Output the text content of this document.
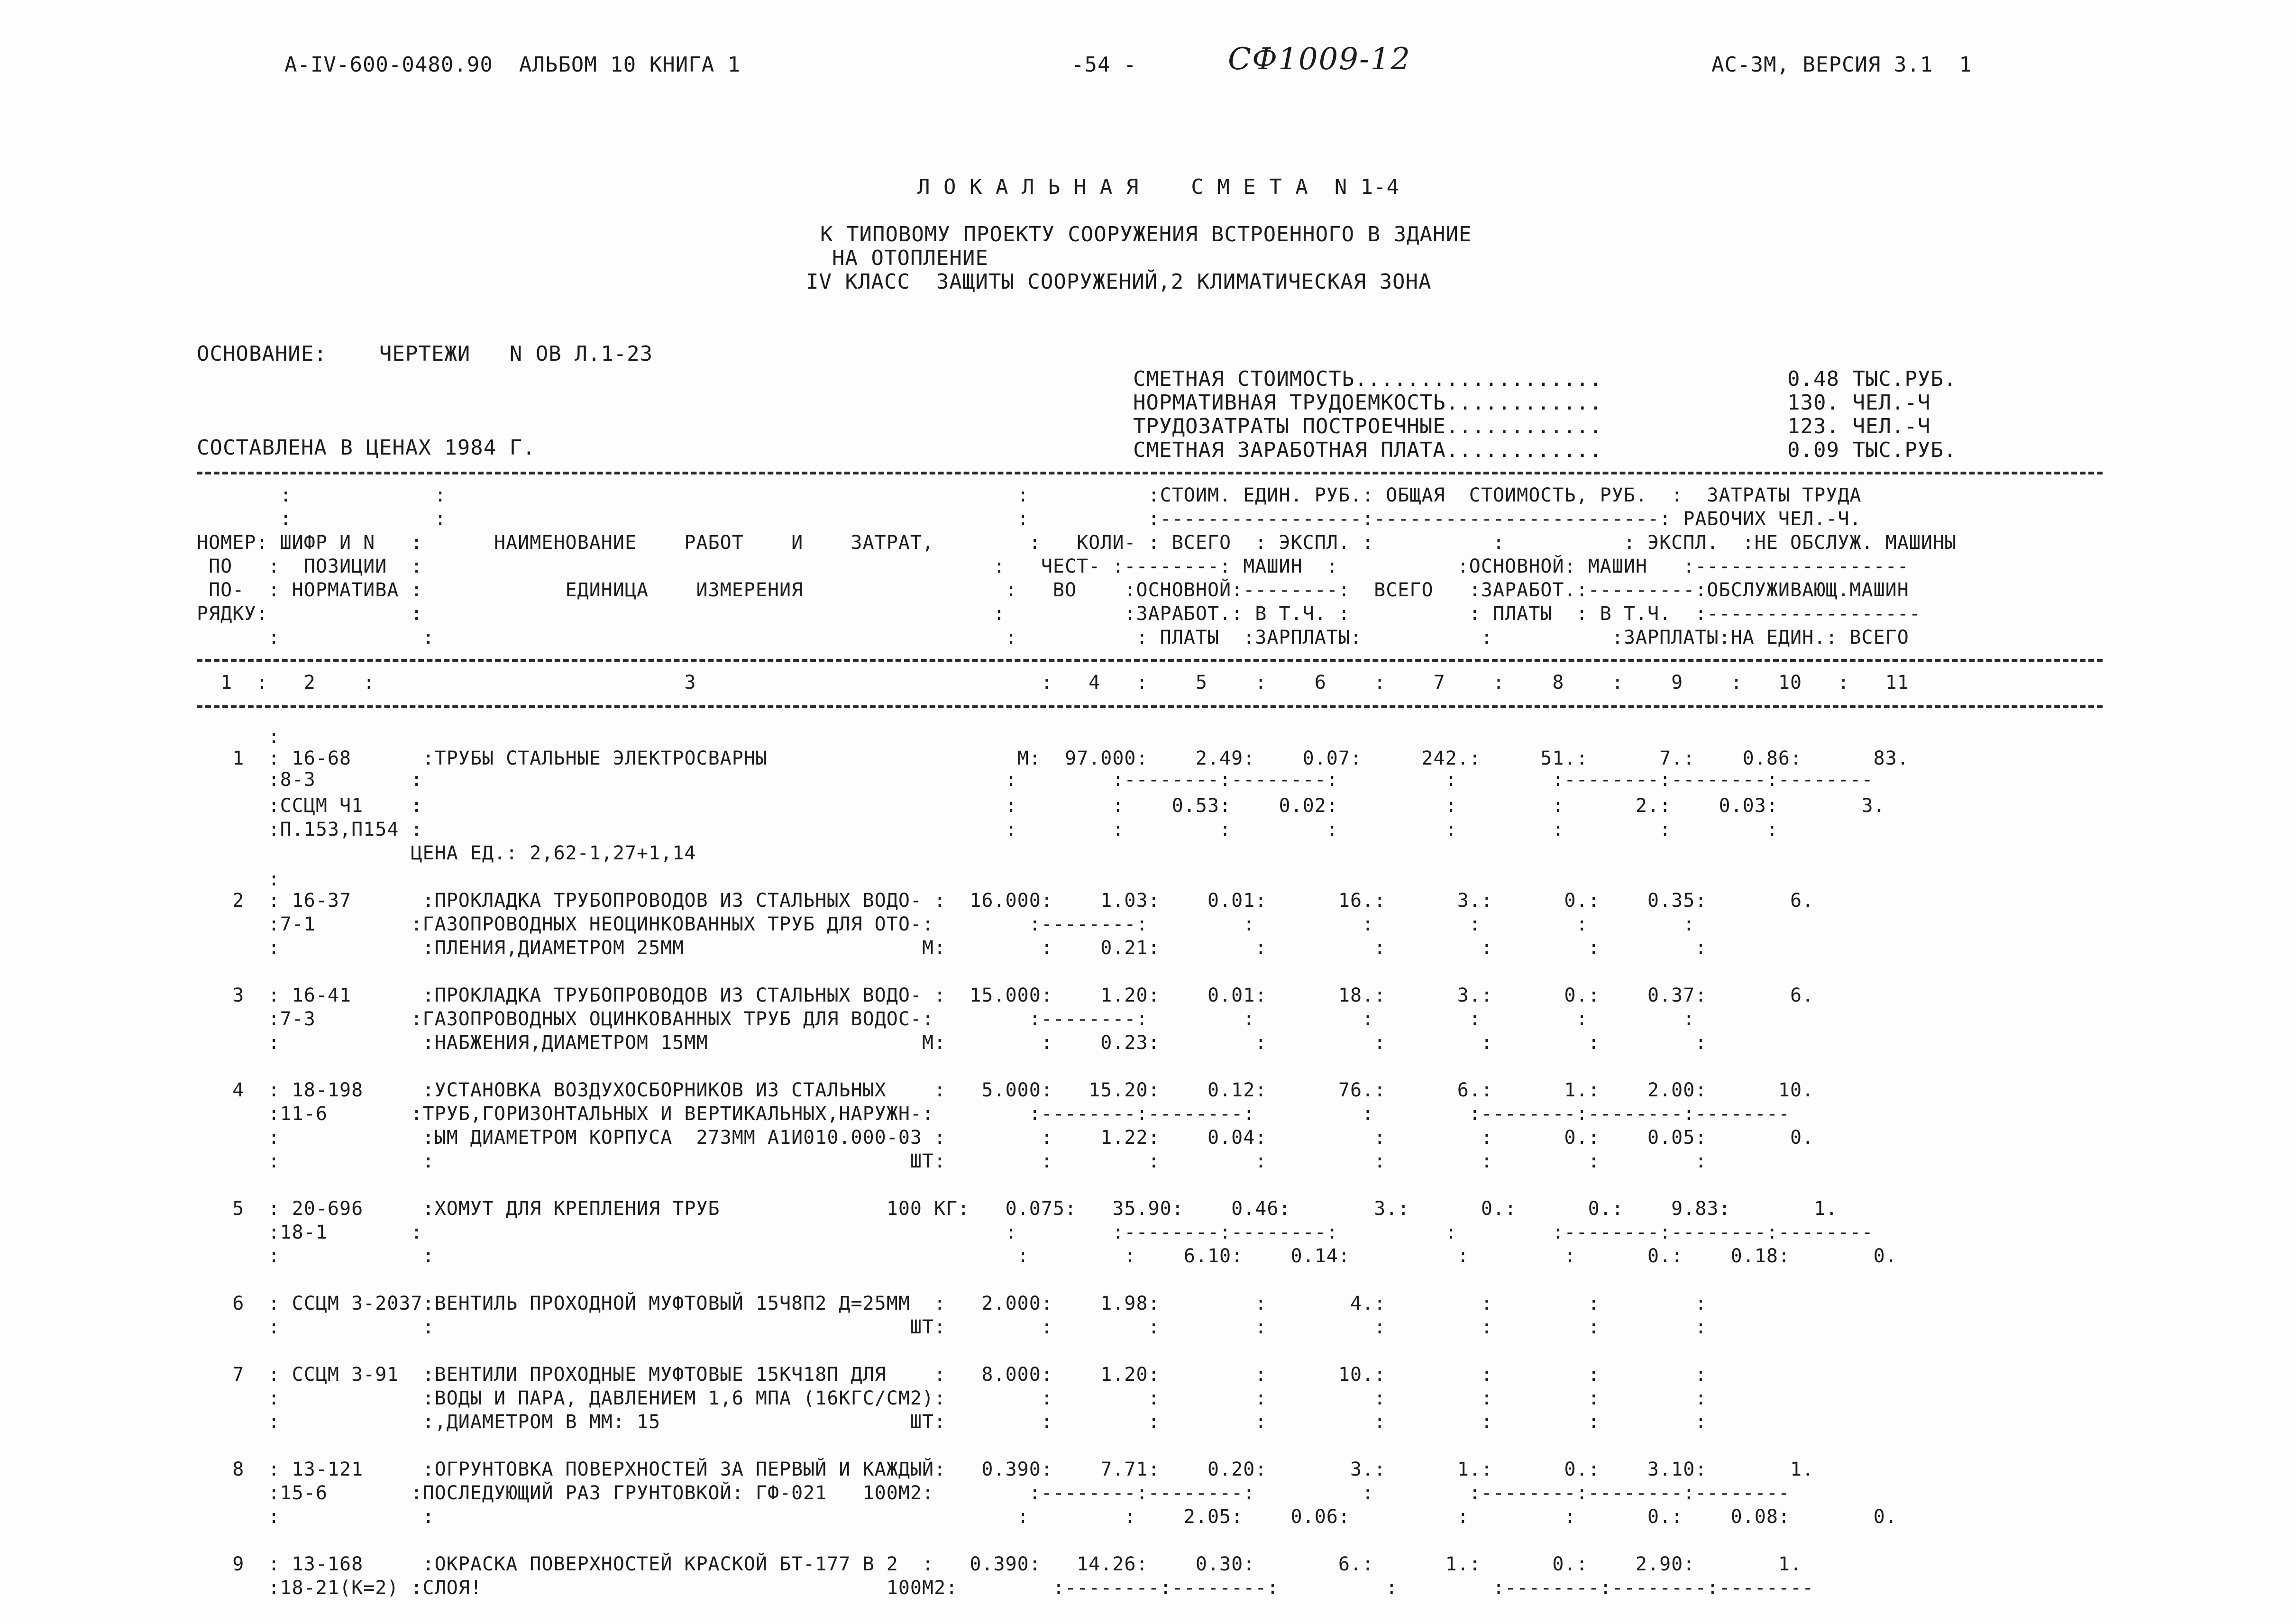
А-IV-600-0480.90  АЛЬБОМ 10 КНИГА 1	-54 -	СФ1009-12	АС-3М, ВЕРСИЯ 3.1  1
Л О К А Л Ь Н А Я    С М Е Т А  N 1-4
К ТИПОВОМУ ПРОЕКТУ СООРУЖЕНИЯ ВСТРОЕННОГО В ЗДАНИЕ
НА ОТОПЛЕНИЕ
IV КЛАСС  ЗАЩИТЫ СООРУЖЕНИЙ,2 КЛИМАТИЧЕСКАЯ ЗОНА
ОСНОВАНИЕ:    ЧЕРТЕЖИ   N ОВ Л.1-23
СОСТАВЛЕНА В ЦЕНАХ 1984 Г.
СМЕТНАЯ СТОИМОСТЬ...................	0.48 ТЫС.РУБ.
НОРМАТИВНАЯ ТРУДОЕМКОСТЬ............	130. ЧЕЛ.-Ч
ТРУДОЗАТРАТЫ ПОСТРОЕЧНЫЕ............	123. ЧЕЛ.-Ч
СМЕТНАЯ ЗАРАБОТНАЯ ПЛАТА............	0.09 ТЫС.РУБ.
:            :                                                :          :СТОИМ. ЕДИН. РУБ.: ОБЩАЯ  СТОИМОСТЬ, РУБ.  :  ЗАТРАТЫ ТРУДА
:            :                                                :          :-----------------:------------------------: РАБОЧИХ ЧЕЛ.-Ч.
НОМЕР: ШИФР И N   :      НАИМЕНОВАНИЕ    РАБОТ    И    ЗАТРАТ,        :   КОЛИ- : ВСЕГО  : ЭКСПЛ. :          :          : ЭКСПЛ.  :НЕ ОБСЛУЖ. МАШИНЫ
ПО   :  ПОЗИЦИИ  :                                                :   ЧЕСТ- :--------: МАШИН  :          :ОСНОВНОЙ: МАШИН   :------------------
ПО-  : НОРМАТИВА :            ЕДИНИЦА    ИЗМЕРЕНИЯ                 :   ВО    :ОСНОВНОЙ:--------:  ВСЕГО   :ЗАРАБОТ.:---------:ОБСЛУЖИВАЮЩ.МАШИН
РЯДКУ:            :                                                :          :ЗАРАБОТ.: В Т.Ч. :          : ПЛАТЫ  : В Т.Ч.  :------------------
:            :                                                :          : ПЛАТЫ  :ЗАРПЛАТЫ:          :          :ЗАРПЛАТЫ:НА ЕДИН.: ВСЕГО
1  :   2    :                          3                             :   4   :    5    :    6    :    7    :    8    :    9    :   10   :   11
:
1  : 16-68      :ТРУБЫ СТАЛЬНЫЕ ЭЛЕКТРОСВАРНЫ                     М:  97.000:    2.49:    0.07:     242.:     51.:      7.:    0.86:      83.
:8-3        :                                                 :        :--------:--------:         :        :--------:--------:--------
:ССЦМ Ч1    :                                                 :        :    0.53:    0.02:         :        :      2.:    0.03:       3.
:П.153,П154 :                                                 :        :        :        :         :        :        :        :
ЦЕНА ЕД.: 2,62-1,27+1,14
:
2  : 16-37      :ПРОКЛАДКА ТРУБОПРОВОДОВ ИЗ СТАЛЬНЫХ ВОДО- :  16.000:    1.03:    0.01:      16.:      3.:      0.:    0.35:       6.
:7-1        :ГАЗОПРОВОДНЫХ НЕОЦИНКОВАННЫХ ТРУБ ДЛЯ ОТО-:        :--------:        :         :        :        :        :
:            :ПЛЕНИЯ,ДИАМЕТРОМ 25ММ                    М:        :    0.21:        :         :        :        :        :
3  : 16-41      :ПРОКЛАДКА ТРУБОПРОВОДОВ ИЗ СТАЛЬНЫХ ВОДО- :  15.000:    1.20:    0.01:      18.:      3.:      0.:    0.37:       6.
:7-3        :ГАЗОПРОВОДНЫХ ОЦИНКОВАННЫХ ТРУБ ДЛЯ ВОДОС-:        :--------:        :         :        :        :        :
:            :НАБЖЕНИЯ,ДИАМЕТРОМ 15ММ                  М:        :    0.23:        :         :        :        :        :
4  : 18-198     :УСТАНОВКА ВОЗДУХОСБОРНИКОВ ИЗ СТАЛЬНЫХ    :   5.000:   15.20:    0.12:      76.:      6.:      1.:    2.00:      10.
:11-6       :ТРУБ,ГОРИЗОНТАЛЬНЫХ И ВЕРТИКАЛЬНЫХ,НАРУЖН-:        :--------:--------:         :        :--------:--------:--------
:            :ЫМ ДИАМЕТРОМ КОРПУСА  273ММ А1И010.000-03 :        :    1.22:    0.04:         :        :      0.:    0.05:       0.
:            :                                        ШТ:        :        :        :         :        :        :        :
5  : 20-696     :ХОМУТ ДЛЯ КРЕПЛЕНИЯ ТРУБ              100 КГ:   0.075:   35.90:    0.46:       3.:      0.:      0.:    9.83:       1.
:18-1       :                                                 :        :--------:--------:         :        :--------:--------:--------
:            :                                                 :        :    6.10:    0.14:         :        :      0.:    0.18:       0.
6  : ССЦМ 3-2037:ВЕНТИЛЬ ПРОХОДНОЙ МУФТОВЫЙ 15Ч8П2 Д=25ММ  :   2.000:    1.98:        :       4.:        :        :        :
:            :                                        ШТ:        :        :        :         :        :        :        :
7  : ССЦМ 3-91  :ВЕНТИЛИ ПРОХОДНЫЕ МУФТОВЫЕ 15КЧ18П ДЛЯ    :   8.000:    1.20:        :      10.:        :        :        :
:            :ВОДЫ И ПАРА, ДАВЛЕНИЕМ 1,6 МПА (16КГС/СМ2):        :        :        :         :        :        :        :
:            :,ДИАМЕТРОМ В ММ: 15                     ШТ:        :        :        :         :        :        :        :
8  : 13-121     :ОГРУНТОВКА ПОВЕРХНОСТЕЙ ЗА ПЕРВЫЙ И КАЖДЫЙ:   0.390:    7.71:    0.20:       3.:      1.:      0.:    3.10:       1.
:15-6       :ПОСЛЕДУЮЩИЙ РАЗ ГРУНТОВКОЙ: ГФ-021   100М2:        :--------:--------:         :        :--------:--------:--------
:            :                                                 :        :    2.05:    0.06:         :        :      0.:    0.08:       0.
9  : 13-168     :ОКРАСКА ПОВЕРХНОСТЕЙ КРАСКОЙ БТ-177 В 2  :   0.390:   14.26:    0.30:       6.:      1.:      0.:    2.90:       1.
:18-21(К=2) :СЛОЯ!                                  100М2:        :--------:--------:         :        :--------:--------:--------
